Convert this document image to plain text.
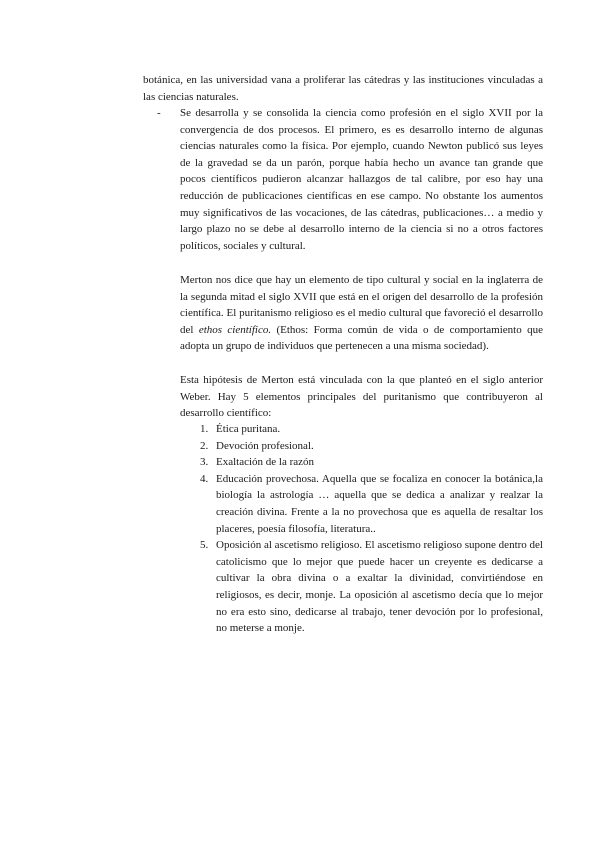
botánica, en las universidad vana a proliferar las cátedras y las instituciones vinculadas a las ciencias naturales.

- Se desarrolla y se consolida la ciencia como profesión en el siglo XVII por la convergencia de dos procesos. El primero, es es desarrollo interno de algunas ciencias naturales como la física. Por ejemplo, cuando Newton publicó sus leyes de la gravedad se da un parón, porque había hecho un avance tan grande que pocos científicos pudieron alcanzar hallazgos de tal calibre, por eso hay una reducción de publicaciones científicas en ese campo. No obstante los aumentos muy significativos de las vocaciones, de las cátedras, publicaciones… a medio y largo plazo no se debe al desarrollo interno de la ciencia si no a otros factores políticos, sociales y cultural.

Merton nos dice que hay un elemento de tipo cultural y social en la inglaterra de la segunda mitad el siglo XVII que está en el origen del desarrollo de la profesión científica. El puritanismo religioso es el medio cultural que favoreció el desarrollo del ethos científico. (Ethos: Forma común de vida o de comportamiento que adopta un grupo de individuos que pertenecen a una misma sociedad).

Esta hipótesis de Merton está vinculada con la que planteó en el siglo anterior Weber. Hay 5 elementos principales del puritanismo que contribuyeron al desarrollo científico:

1. Ética puritana.
2. Devoción profesional.
3. Exaltación de la razón
4. Educación provechosa. Aquella que se focaliza en conocer la botánica,la biología la astrología … aquella que se dedica a analizar y realzar la creación divina. Frente a la no provechosa que es aquella de resaltar los placeres, poesía filosofía, literatura..
5. Oposición al ascetismo religioso. El ascetismo religioso supone dentro del catolicismo que lo mejor que puede hacer un creyente es dedicarse a cultivar la obra divina o a exaltar la divinidad, convirtiéndose en religiosos, es decir, monje. La oposición al ascetismo decía que lo mejor no era esto sino, dedicarse al trabajo, tener devoción por lo profesional, no meterse a monje.
